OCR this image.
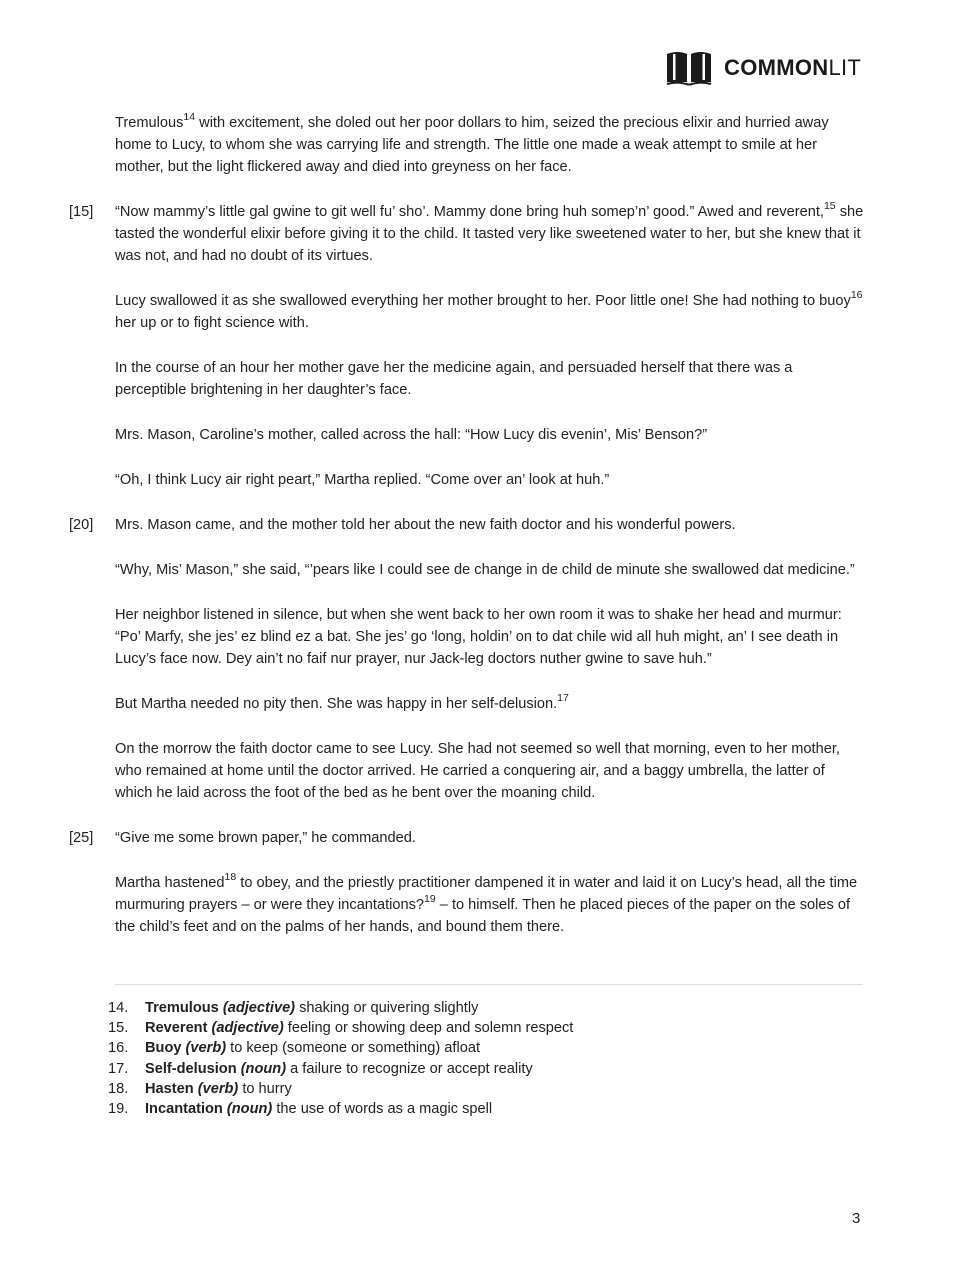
COMMONLIT

Tremulous$^{14}$ with excitement, she doled out her poor dollars to him, seized the precious elixir and hurried away home to Lucy, to whom she was carrying life and strength. The little one made a weak attempt to smile at her mother, but the light flickered away and died into greyness on her face.

[15] “Now mammy’s little gal gwine to git well fu’ sho’. Mammy done bring huh somep’n’ good.” Awed and reverent,$^{15}$ she tasted the wonderful elixir before giving it to the child. It tasted very like sweetened water to her, but she knew that it was not, and had no doubt of its virtues.

Lucy swallowed it as she swallowed everything her mother brought to her. Poor little one! She had nothing to buoy$^{16}$ her up or to fight science with.

In the course of an hour her mother gave her the medicine again, and persuaded herself that there was a perceptible brightening in her daughter’s face.

Mrs. Mason, Caroline’s mother, called across the hall: “How Lucy dis evenin’, Mis’ Benson?”

“Oh, I think Lucy air right peart,” Martha replied. “Come over an’ look at huh.”

[20] Mrs. Mason came, and the mother told her about the new faith doctor and his wonderful powers.

“Why, Mis’ Mason,” she said, “’pears like I could see de change in de child de minute she swallowed dat medicine.”

Her neighbor listened in silence, but when she went back to her own room it was to shake her head and murmur: “Po’ Marfy, she jes’ ez blind ez a bat. She jes’ go ‘long, holdin’ on to dat chile wid all huh might, an’ I see death in Lucy’s face now. Dey ain’t no faif nur prayer, nur Jack-leg doctors nuther gwine to save huh.”

But Martha needed no pity then. She was happy in her self-delusion.$^{17}$

On the morrow the faith doctor came to see Lucy. She had not seemed so well that morning, even to her mother, who remained at home until the doctor arrived. He carried a conquering air, and a baggy umbrella, the latter of which he laid across the foot of the bed as he bent over the moaning child.

[25] “Give me some brown paper,” he commanded.

Martha hastened$^{18}$ to obey, and the priestly practitioner dampened it in water and laid it on Lucy’s head, all the time murmuring prayers – or were they incantations?$^{19}$ – to himself. Then he placed pieces of the paper on the soles of the child’s feet and on the palms of her hands, and bound them there.

14.	Tremulous (adjective) shaking or quivering slightly
15.	Reverent (adjective) feeling or showing deep and solemn respect
16.	Buoy (verb) to keep (someone or something) afloat
17.	Self-delusion (noun) a failure to recognize or accept reality
18.	Hasten (verb) to hurry
19.	Incantation (noun) the use of words as a magic spell
3
